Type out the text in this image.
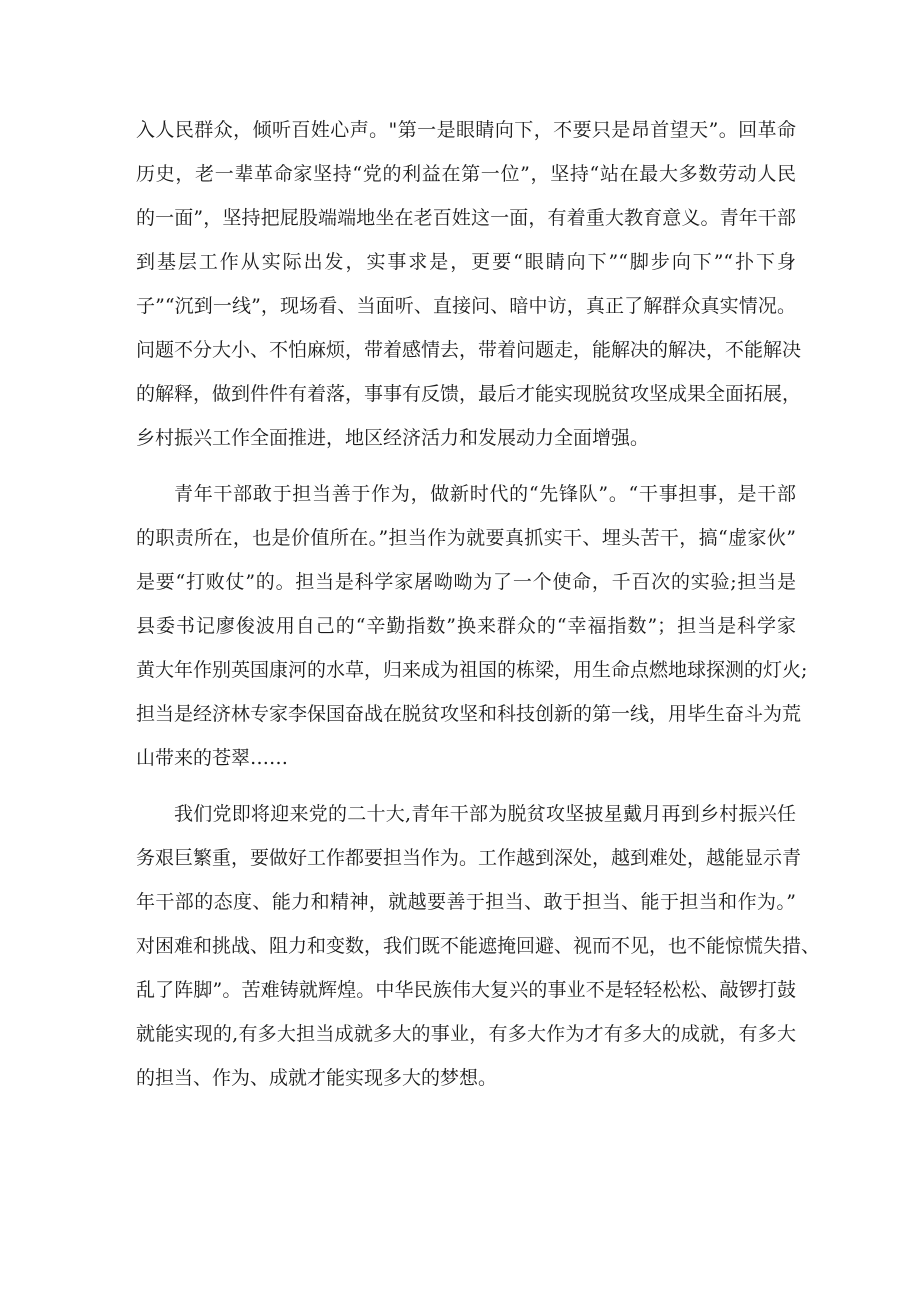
入人民群众，倾听百姓心声。"第一是眼睛向下，不要只是昂首望天”。回革命
历史，老一辈革命家坚持“党的利益在第一位”，坚持“站在最大多数劳动人民
的一面”，坚持把屁股端端地坐在老百姓这一面，有着重大教育意义。青年干部
到基层工作从实际出发，实事求是，更要“眼睛向下”“脚步向下”“扑下身
子”“沉到一线”，现场看、当面听、直接问、暗中访，真正了解群众真实情况。
问题不分大小、不怕麻烦，带着感情去，带着问题走，能解决的解决，不能解决
的解释，做到件件有着落，事事有反馈，最后才能实现脱贫攻坚成果全面拓展，
乡村振兴工作全面推进，地区经济活力和发展动力全面增强。
青年干部敢于担当善于作为，做新时代的“先锋队”。“干事担事，是干部
的职责所在，也是价值所在。”担当作为就要真抓实干、埋头苦干，搞“虚家伙”
是要“打败仗”的。担当是科学家屠呦呦为了一个使命，千百次的实验;担当是
县委书记廖俊波用自己的“辛勤指数”换来群众的“幸福指数”；担当是科学家
黄大年作别英国康河的水草，归来成为祖国的栋梁，用生命点燃地球探测的灯火;
担当是经济林专家李保国奋战在脱贫攻坚和科技创新的第一线，用毕生奋斗为荒
山带来的苍翠……
我们党即将迎来党的二十大,青年干部为脱贫攻坚披星戴月再到乡村振兴任
务艰巨繁重，要做好工作都要担当作为。工作越到深处，越到难处，越能显示青
年干部的态度、能力和精神，就越要善于担当、敢于担当、能于担当和作为。”
对困难和挑战、阻力和变数，我们既不能遮掩回避、视而不见，也不能惊慌失措、
乱了阵脚”。苦难铸就辉煌。中华民族伟大复兴的事业不是轻轻松松、敲锣打鼓
就能实现的,有多大担当成就多大的事业，有多大作为才有多大的成就，有多大
的担当、作为、成就才能实现多大的梦想。
